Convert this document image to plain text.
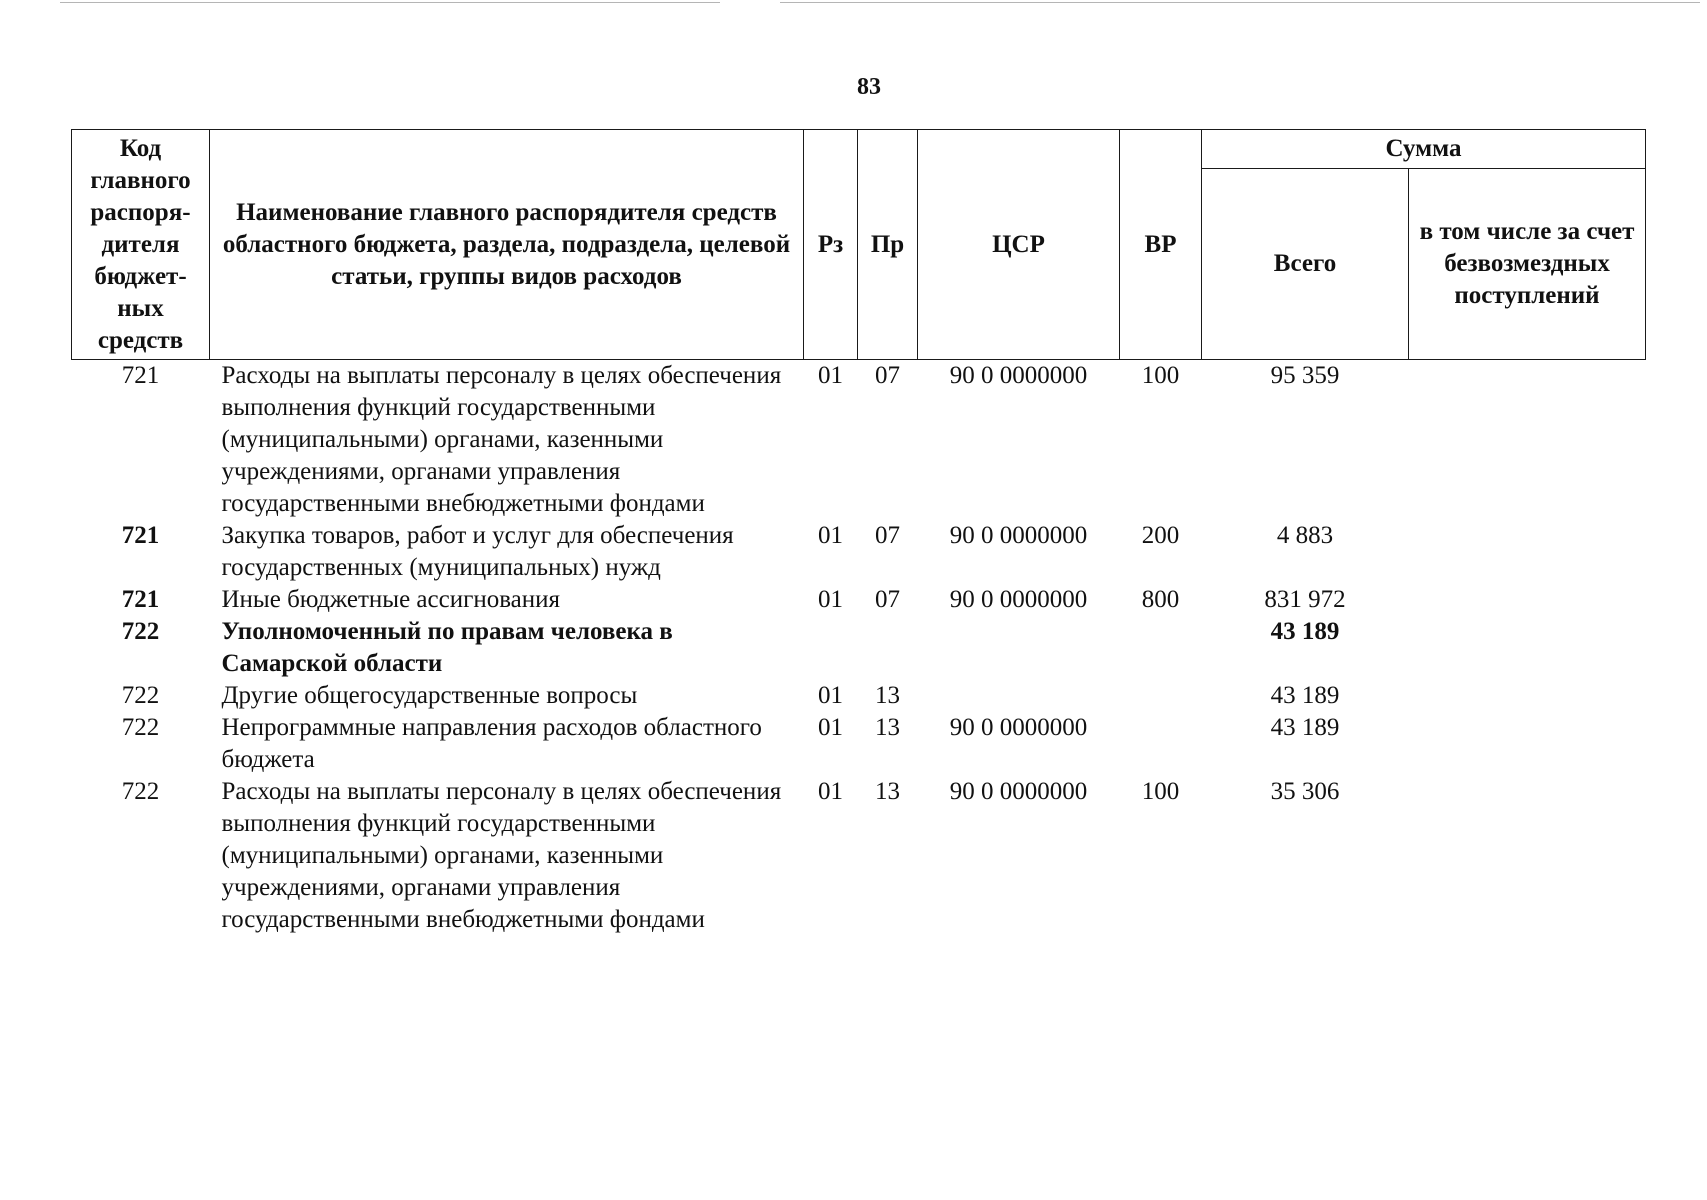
83
Код главного распоря-дителя бюджет-ных средств	Наименование главного распорядителя средств областного бюджета, раздела, подраздела, целевой статьи, группы видов расходов	Рз	Пр	ЦСР	ВР	Сумма	
						Всего	в том числе за счет безвозмездных поступлений
721	Расходы на выплаты персоналу в целях обеспечения выполнения функций государственными (муниципальными) органами, казенными учреждениями, органами управления государственными внебюджетными фондами	01	07	90 0 0000000	100	95 359	
721	Закупка товаров, работ и услуг для обеспечения государственных (муниципальных) нужд	01	07	90 0 0000000	200	4 883	
721	Иные бюджетные ассигнования	01	07	90 0 0000000	800	831 972	
722	Уполномоченный по правам человека в Самарской области					43 189	
722	Другие общегосударственные вопросы	01	13			43 189	
722	Непрограммные направления расходов областного бюджета	01	13	90 0 0000000		43 189	
722	Расходы на выплаты персоналу в целях обеспечения выполнения функций государственными (муниципальными) органами, казенными учреждениями, органами управления государственными внебюджетными фондами	01	13	90 0 0000000	100	35 306	
